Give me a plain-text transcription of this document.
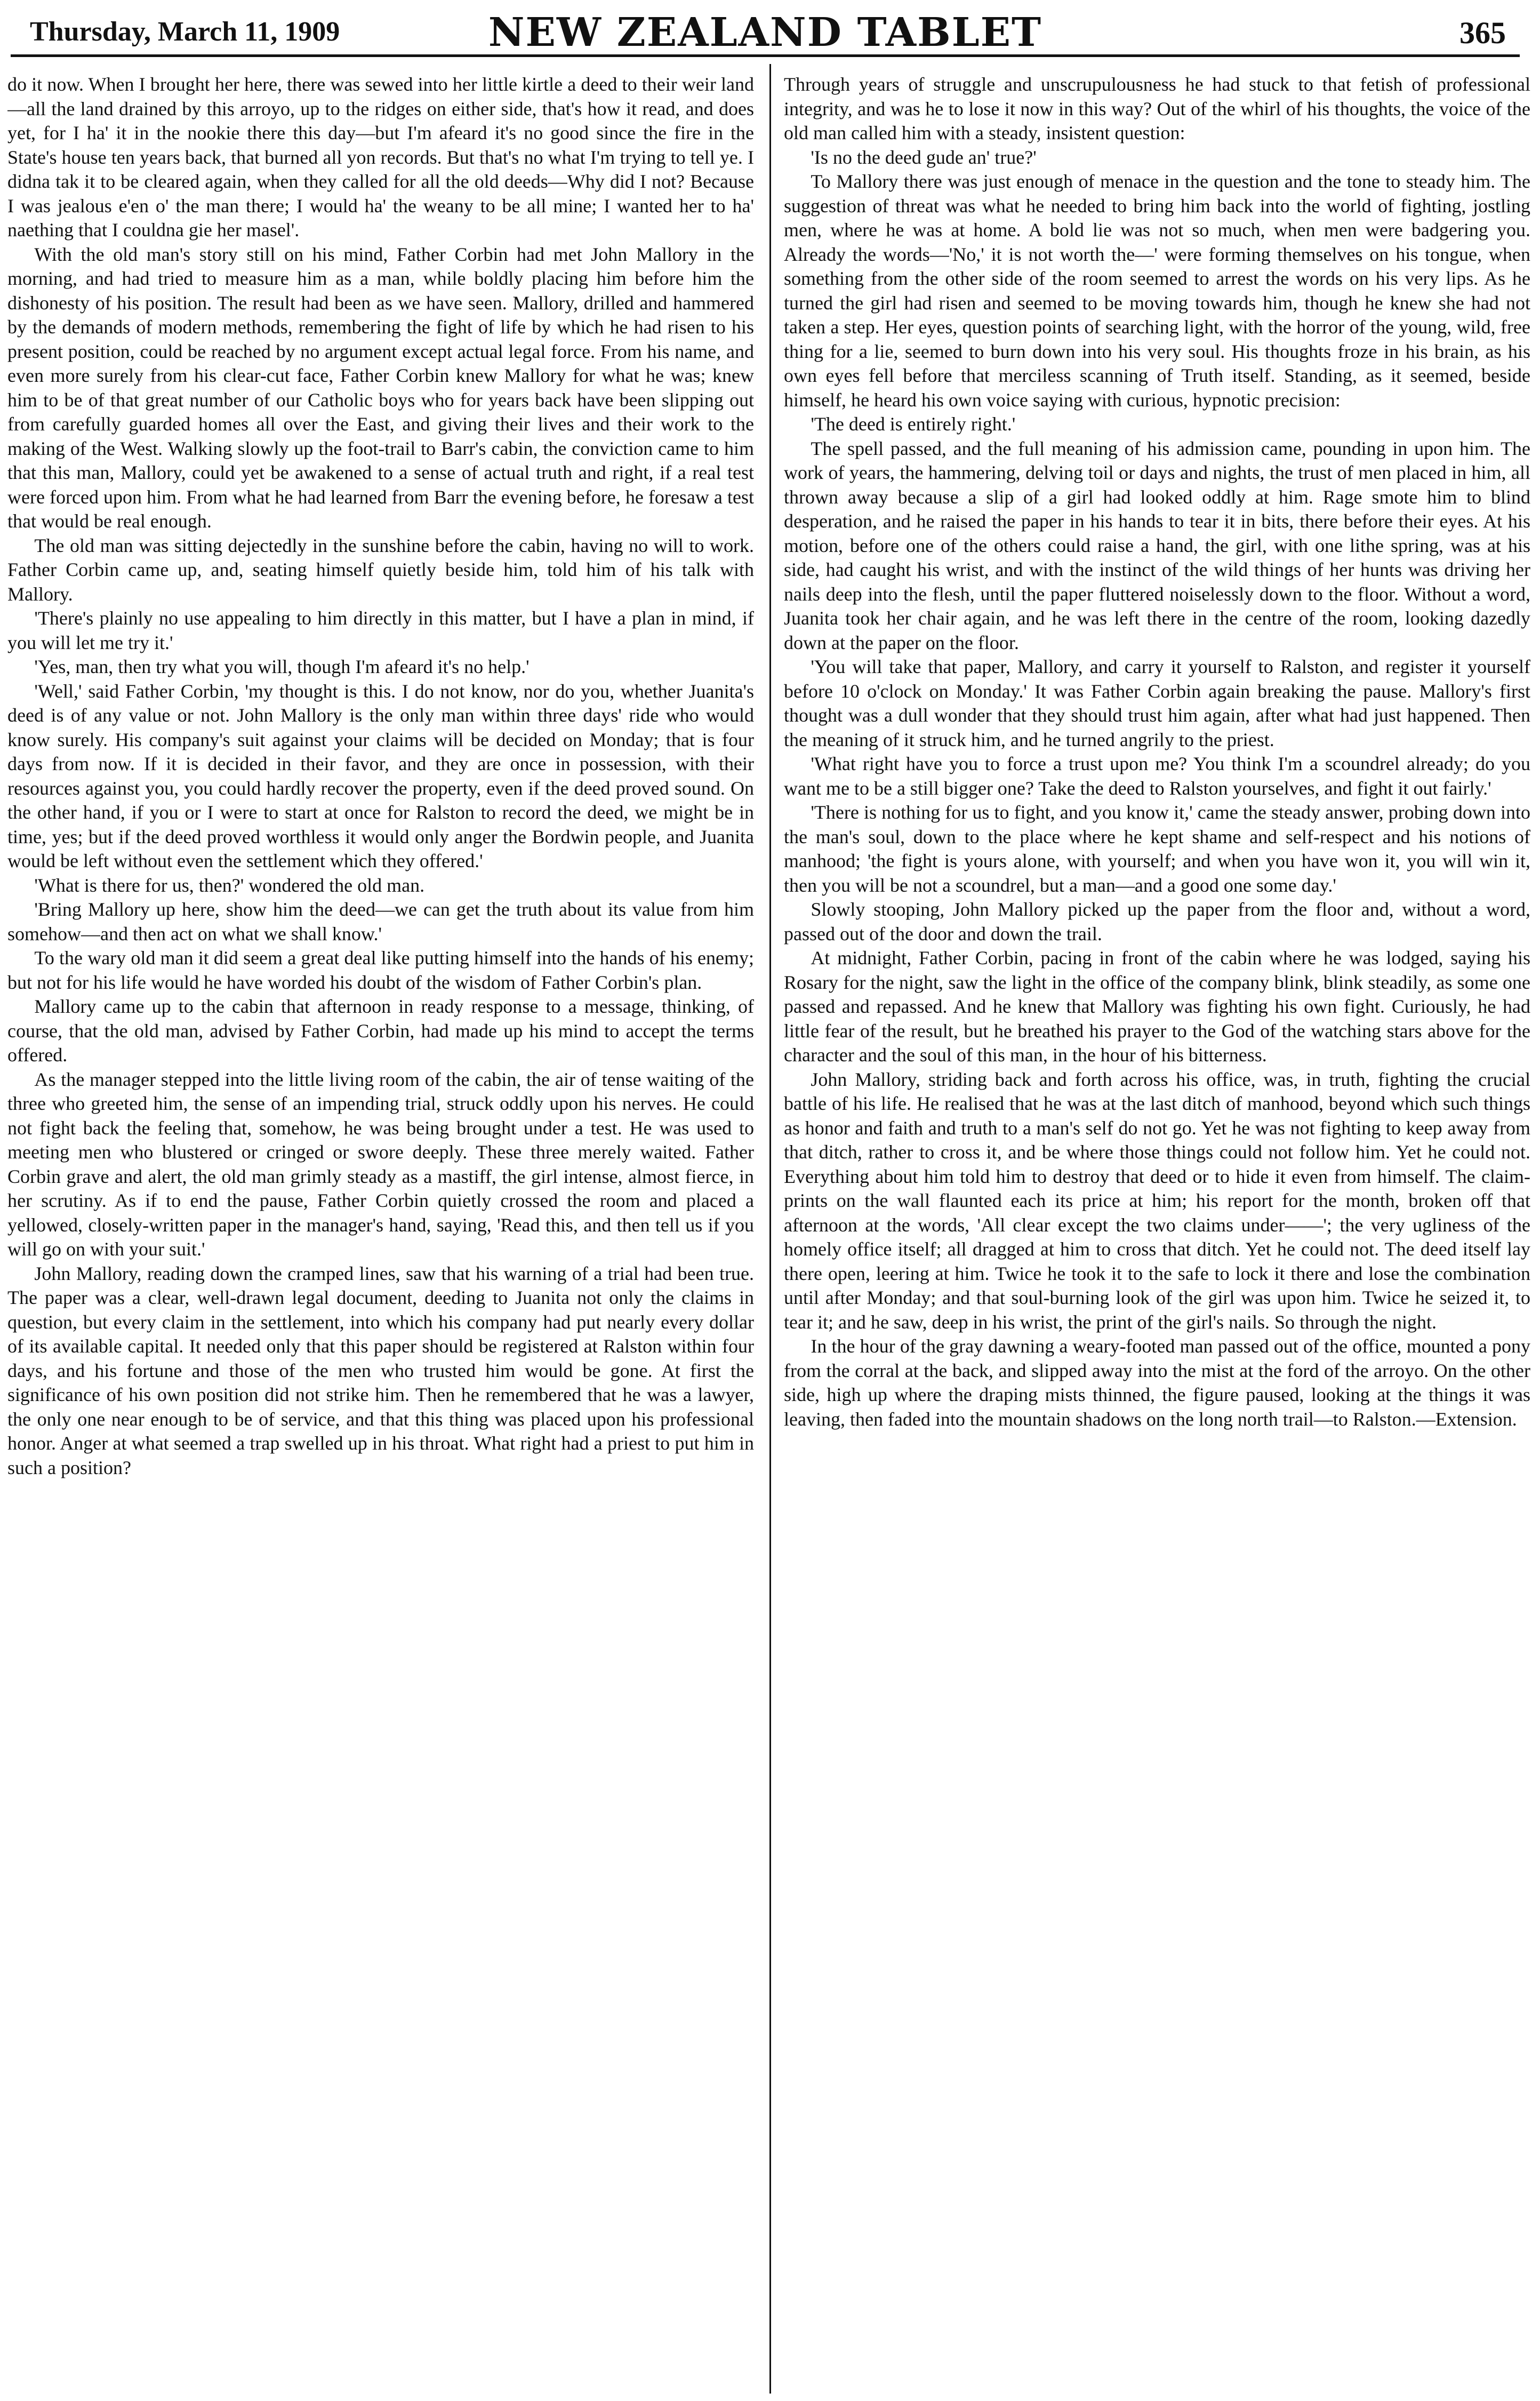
Thursday, March 11, 1909	NEW ZEALAND TABLET	365

do it now. When I brought her here, there was sewed into her little kirtle a deed to their weir land—all the land drained by this arroyo, up to the ridges on either side, that's how it read, and does yet, for I ha' it in the nookie there this day—but I'm afeard it's no good since the fire in the State's house ten years back, that burned all yon records. But that's no what I'm trying to tell ye. I didna tak it to be cleared again, when they called for all the old deeds—Why did I not? Because I was jealous e'en o' the man there; I would ha' the weany to be all mine; I wanted her to ha' naething that I couldna gie her masel'.

With the old man's story still on his mind, Father Corbin had met John Mallory in the morning, and had tried to measure him as a man, while boldly placing him before him the dishonesty of his position. The result had been as we have seen. Mallory, drilled and hammered by the demands of modern methods, remembering the fight of life by which he had risen to his present position, could be reached by no argument except actual legal force. From his name, and even more surely from his clear-cut face, Father Corbin knew Mallory for what he was; knew him to be of that great number of our Catholic boys who for years back have been slipping out from carefully guarded homes all over the East, and giving their lives and their work to the making of the West. Walking slowly up the foot-trail to Barr's cabin, the conviction came to him that this man, Mallory, could yet be awakened to a sense of actual truth and right, if a real test were forced upon him. From what he had learned from Barr the evening before, he foresaw a test that would be real enough.

The old man was sitting dejectedly in the sunshine before the cabin, having no will to work. Father Corbin came up, and, seating himself quietly beside him, told him of his talk with Mallory.

'There's plainly no use appealing to him directly in this matter, but I have a plan in mind, if you will let me try it.'

'Yes, man, then try what you will, though I'm afeard it's no help.'

'Well,' said Father Corbin, 'my thought is this. I do not know, nor do you, whether Juanita's deed is of any value or not. John Mallory is the only man within three days' ride who would know surely. His company's suit against your claims will be decided on Monday; that is four days from now. If it is decided in their favor, and they are once in possession, with their resources against you, you could hardly recover the property, even if the deed proved sound. On the other hand, if you or I were to start at once for Ralston to record the deed, we might be in time, yes; but if the deed proved worthless it would only anger the Bordwin people, and Juanita would be left without even the settlement which they offered.'

'What is there for us, then?' wondered the old man.

'Bring Mallory up here, show him the deed—we can get the truth about its value from him somehow—and then act on what we shall know.'

To the wary old man it did seem a great deal like putting himself into the hands of his enemy; but not for his life would he have worded his doubt of the wisdom of Father Corbin's plan.

Mallory came up to the cabin that afternoon in ready response to a message, thinking, of course, that the old man, advised by Father Corbin, had made up his mind to accept the terms offered.

As the manager stepped into the little living room of the cabin, the air of tense waiting of the three who greeted him, the sense of an impending trial, struck oddly upon his nerves. He could not fight back the feeling that, somehow, he was being brought under a test. He was used to meeting men who blustered or cringed or swore deeply. These three merely waited. Father Corbin grave and alert, the old man grimly steady as a mastiff, the girl intense, almost fierce, in her scrutiny. As if to end the pause, Father Corbin quietly crossed the room and placed a yellowed, closely-written paper in the manager's hand, saying, 'Read this, and then tell us if you will go on with your suit.'

John Mallory, reading down the cramped lines, saw that his warning of a trial had been true. The paper was a clear, well-drawn legal document, deeding to Juanita not only the claims in question, but every claim in the settlement, into which his company had put nearly every dollar of its available capital. It needed only that this paper should be registered at Ralston within four days, and his fortune and those of the men who trusted him would be gone. At first the significance of his own position did not strike him. Then he remembered that he was a lawyer, the only one near enough to be of service, and that this thing was placed upon his professional honor. Anger at what seemed a trap swelled up in his throat. What right had a priest to put him in such a position?

Through years of struggle and unscrupulousness he had stuck to that fetish of professional integrity, and was he to lose it now in this way? Out of the whirl of his thoughts, the voice of the old man called him with a steady, insistent question:

'Is no the deed gude an' true?'

To Mallory there was just enough of menace in the question and the tone to steady him. The suggestion of threat was what he needed to bring him back into the world of fighting, jostling men, where he was at home. A bold lie was not so much, when men were badgering you. Already the words—'No,' it is not worth the—' were forming themselves on his tongue, when something from the other side of the room seemed to arrest the words on his very lips. As he turned the girl had risen and seemed to be moving towards him, though he knew she had not taken a step. Her eyes, question points of searching light, with the horror of the young, wild, free thing for a lie, seemed to burn down into his very soul. His thoughts froze in his brain, as his own eyes fell before that merciless scanning of Truth itself. Standing, as it seemed, beside himself, he heard his own voice saying with curious, hypnotic precision:

'The deed is entirely right.'

The spell passed, and the full meaning of his admission came, pounding in upon him. The work of years, the hammering, delving toil or days and nights, the trust of men placed in him, all thrown away because a slip of a girl had looked oddly at him. Rage smote him to blind desperation, and he raised the paper in his hands to tear it in bits, there before their eyes. At his motion, before one of the others could raise a hand, the girl, with one lithe spring, was at his side, had caught his wrist, and with the instinct of the wild things of her hunts was driving her nails deep into the flesh, until the paper fluttered noiselessly down to the floor. Without a word, Juanita took her chair again, and he was left there in the centre of the room, looking dazedly down at the paper on the floor.

'You will take that paper, Mallory, and carry it yourself to Ralston, and register it yourself before 10 o'clock on Monday.' It was Father Corbin again breaking the pause. Mallory's first thought was a dull wonder that they should trust him again, after what had just happened. Then the meaning of it struck him, and he turned angrily to the priest.

'What right have you to force a trust upon me? You think I'm a scoundrel already; do you want me to be a still bigger one? Take the deed to Ralston yourselves, and fight it out fairly.'

'There is nothing for us to fight, and you know it,' came the steady answer, probing down into the man's soul, down to the place where he kept shame and self-respect and his notions of manhood; 'the fight is yours alone, with yourself; and when you have won it, you will win it, then you will be not a scoundrel, but a man—and a good one some day.'

Slowly stooping, John Mallory picked up the paper from the floor and, without a word, passed out of the door and down the trail.

At midnight, Father Corbin, pacing in front of the cabin where he was lodged, saying his Rosary for the night, saw the light in the office of the company blink, blink steadily, as some one passed and repassed. And he knew that Mallory was fighting his own fight. Curiously, he had little fear of the result, but he breathed his prayer to the God of the watching stars above for the character and the soul of this man, in the hour of his bitterness.

John Mallory, striding back and forth across his office, was, in truth, fighting the crucial battle of his life. He realised that he was at the last ditch of manhood, beyond which such things as honor and faith and truth to a man's self do not go. Yet he was not fighting to keep away from that ditch, rather to cross it, and be where those things could not follow him. Yet he could not. Everything about him told him to destroy that deed or to hide it even from himself. The claim-prints on the wall flaunted each its price at him; his report for the month, broken off that afternoon at the words, 'All clear except the two claims under——'; the very ugliness of the homely office itself; all dragged at him to cross that ditch. Yet he could not. The deed itself lay there open, leering at him. Twice he took it to the safe to lock it there and lose the combination until after Monday; and that soul-burning look of the girl was upon him. Twice he seized it, to tear it; and he saw, deep in his wrist, the print of the girl's nails. So through the night.

In the hour of the gray dawning a weary-footed man passed out of the office, mounted a pony from the corral at the back, and slipped away into the mist at the ford of the arroyo. On the other side, high up where the draping mists thinned, the figure paused, looking at the things it was leaving, then faded into the mountain shadows on the long north trail—to Ralston.—Extension.
